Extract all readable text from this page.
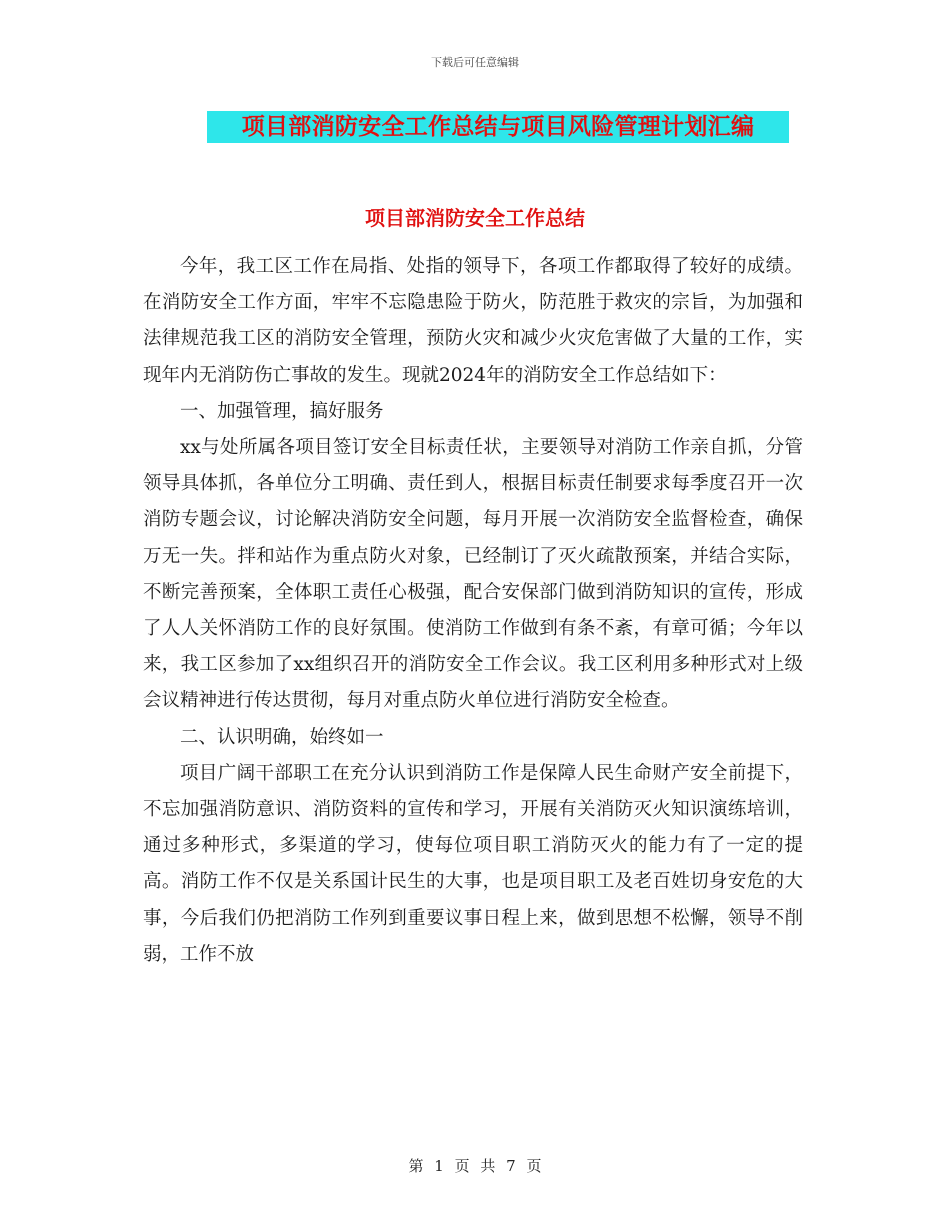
下载后可任意编辑
项目部消防安全工作总结与项目风险管理计划汇编
项目部消防安全工作总结

今年，我工区工作在局指、处指的领导下，各项工作都取得了较好的成绩。在消防安全工作方面，牢牢不忘隐患险于防火，防范胜于救灾的宗旨，为加强和法律规范我工区的消防安全管理，预防火灾和减少火灾危害做了大量的工作，实现年内无消防伤亡事故的发生。现就2024年的消防安全工作总结如下：

一、加强管理，搞好服务

xx与处所属各项目签订安全目标责任状，主要领导对消防工作亲自抓，分管领导具体抓，各单位分工明确、责任到人，根据目标责任制要求每季度召开一次消防专题会议，讨论解决消防安全问题，每月开展一次消防安全监督检查，确保万无一失。拌和站作为重点防火对象，已经制订了灭火疏散预案，并结合实际，不断完善预案，全体职工责任心极强，配合安保部门做到消防知识的宣传，形成了人人关怀消防工作的良好氛围。使消防工作做到有条不紊，有章可循；今年以来，我工区参加了xx组织召开的消防安全工作会议。我工区利用多种形式对上级会议精神进行传达贯彻，每月对重点防火单位进行消防安全检查。

二、认识明确，始终如一

项目广阔干部职工在充分认识到消防工作是保障人民生命财产安全前提下，不忘加强消防意识、消防资料的宣传和学习，开展有关消防灭火知识演练培训，通过多种形式，多渠道的学习，使每位项目职工消防灭火的能力有了一定的提高。消防工作不仅是关系国计民生的大事，也是项目职工及老百姓切身安危的大事，今后我们仍把消防工作列到重要议事日程上来，做到思想不松懈，领导不削弱，工作不放

第 1 页 共 7 页
